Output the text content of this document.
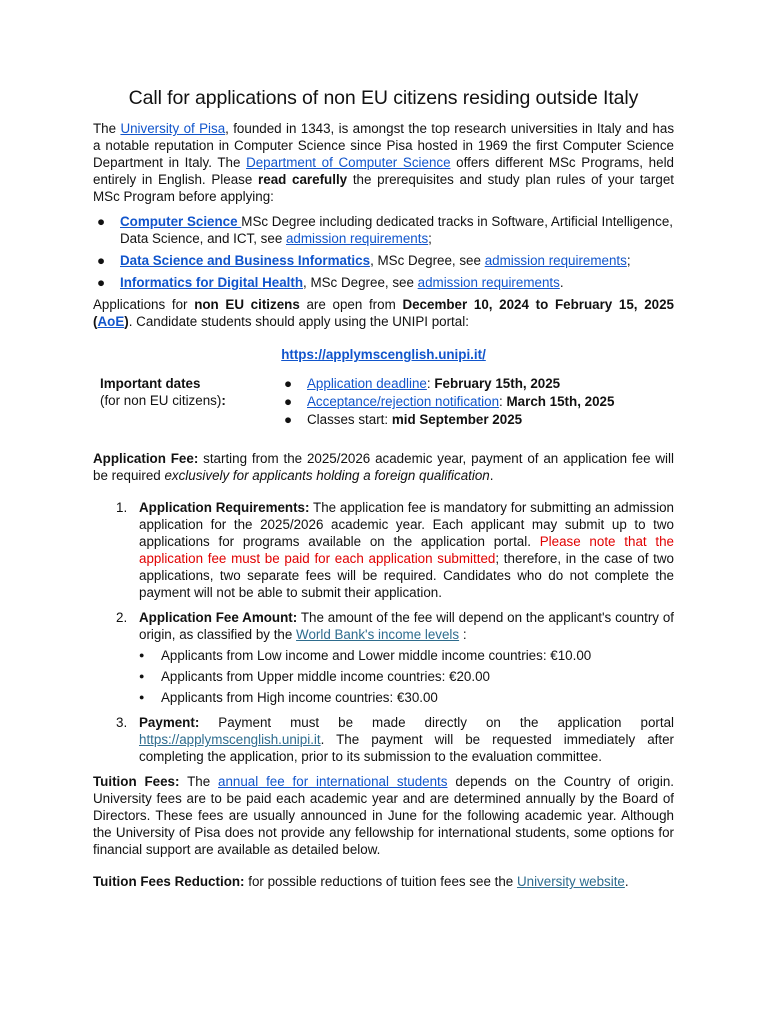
Call for applications of non EU citizens residing outside Italy

The University of Pisa, founded in 1343, is amongst the top research universities in Italy and has a notable reputation in Computer Science since Pisa hosted in 1969 the first Computer Science Department in Italy. The Department of Computer Science offers different MSc Programs, held entirely in English. Please read carefully the prerequisites and study plan rules of your target MSc Program before applying:

● Computer Science MSc Degree including dedicated tracks in Software, Artificial Intelligence, Data Science, and ICT, see admission requirements;
● Data Science and Business Informatics, MSc Degree, see admission requirements;
● Informatics for Digital Health, MSc Degree, see admission requirements.

Applications for non EU citizens are open from December 10, 2024 to February 15, 2025 (AoE). Candidate students should apply using the UNIPI portal:

https://applymscenglish.unipi.it/
Important dates
(for non EU citizens):
● Application deadline: February 15th, 2025
● Acceptance/rejection notification: March 15th, 2025
● Classes start: mid September 2025

Application Fee: starting from the 2025/2026 academic year, payment of an application fee will be required exclusively for applicants holding a foreign qualification.

1. Application Requirements: The application fee is mandatory for submitting an admission application for the 2025/2026 academic year. Each applicant may submit up to two applications for programs available on the application portal. Please note that the application fee must be paid for each application submitted; therefore, in the case of two applications, two separate fees will be required. Candidates who do not complete the payment will not be able to submit their application.
2. Application Fee Amount: The amount of the fee will depend on the applicant's country of origin, as classified by the World Bank's income levels :
● Applicants from Low income and Lower middle income countries: €10.00
● Applicants from Upper middle income countries: €20.00
● Applicants from High income countries: €30.00
3. Payment: Payment must be made directly on the application portal https://applymscenglish.unipi.it. The payment will be requested immediately after completing the application, prior to its submission to the evaluation committee.

Tuition Fees: The annual fee for international students depends on the Country of origin. University fees are to be paid each academic year and are determined annually by the Board of Directors. These fees are usually announced in June for the following academic year. Although the University of Pisa does not provide any fellowship for international students, some options for financial support are available as detailed below.

Tuition Fees Reduction: for possible reductions of tuition fees see the University website.
